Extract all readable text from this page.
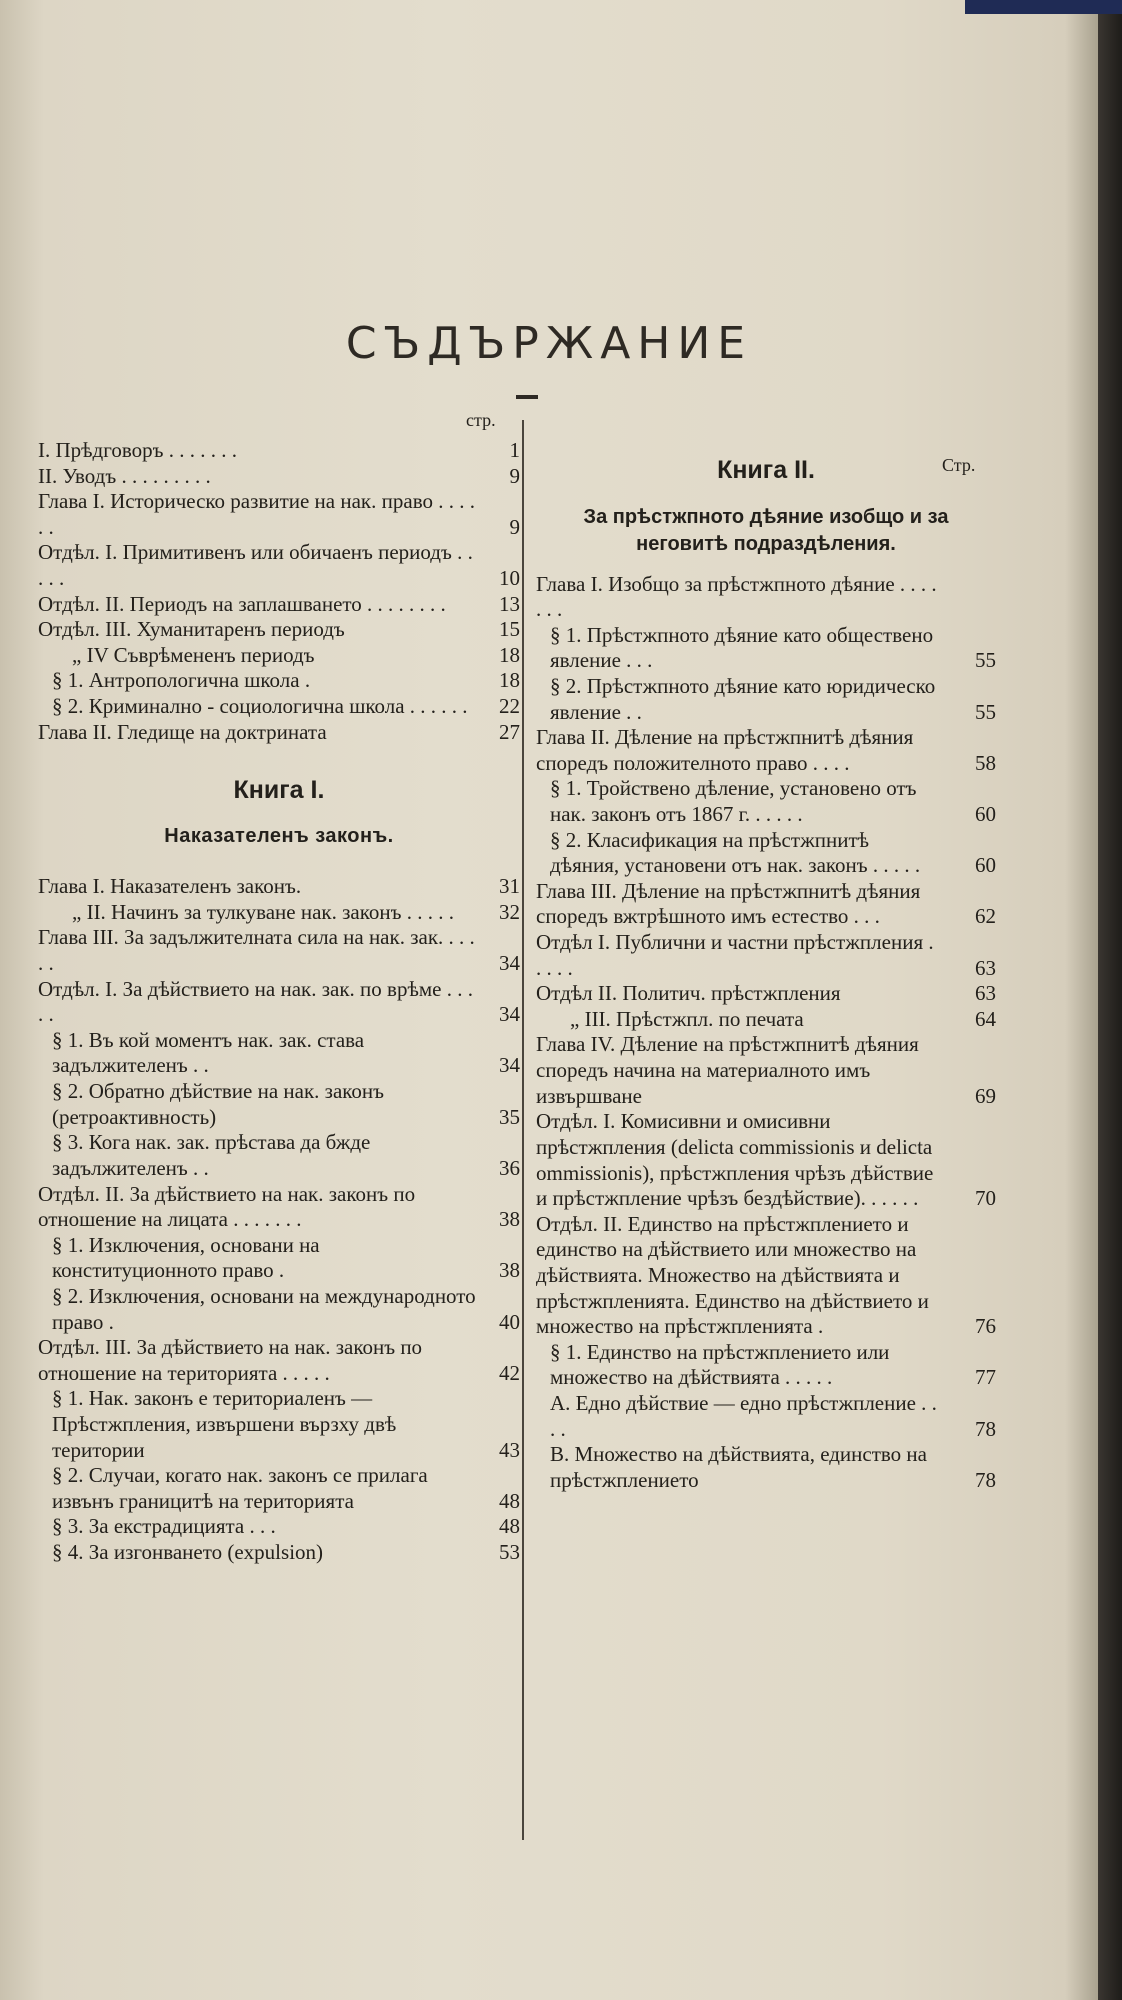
СЪДЪРЖАНИЕ
стр.
Стр.
I. Прѣдговоръ . . . . . . .	1
II. Уводъ . . . . . . . . .	9
Глава I. Историческо развитие на нак. право . . . . . .	9
Отдѣл. I. Примитивенъ или обичаенъ периодъ . . . . .	10
Отдѣл. II. Периодъ на заплашването . . . . . . . .	13
Отдѣл. III. Хуманитаренъ периодъ	15
„ IV Съврѣмененъ периодъ	18
§ 1. Антропологична школа .	18
§ 2. Криминално - социологична школа . . . . . .	22
Глава II. Гледище на доктрината	27
Книга I.
Наказателенъ законъ.
Глава I. Наказателенъ законъ.	31
„ II. Начинъ за тулкуване нак. законъ . . . . .	32
Глава III. За задължителната сила на нак. зак. . . . . .	34
Отдѣл. I. За дѣйствието на нак. зак. по врѣме . . . . .	34
§ 1. Въ кой моментъ нак. зак. става задължителенъ . .	34
§ 2. Обратно дѣйствие на нак. законъ (ретроактивность)	35
§ 3. Кога нак. зак. прѣстава да бжде задължителенъ . .	36
Отдѣл. II. За дѣйствието на нак. законъ по отношение на лицата . . . . . . .	38
§ 1. Изключения, основани на конституционното право .	38
§ 2. Изключения, основани на международното право .	40
Отдѣл. III. За дѣйствието на нак. законъ по отношение на територията . . . . .	42
§ 1. Нак. законъ е териториаленъ — Прѣстжпления, извършени вързху двѣ територии	43
§ 2. Случаи, когато нак. законъ се прилага извънъ границитѣ на територията	48
§ 3. За екстрадицията . . .	48
§ 4. За изгонването (expulsion)	53
Книга II.
За прѣстжпното дѣяние изобщо и за неговитѣ подраздѣления.
Глава I. Изобщо за прѣстжпното дѣяние . . . . . . .
§ 1. Прѣстжпното дѣяние като обществено явление . . .	55
§ 2. Прѣстжпното дѣяние като юридическо явление . .	55
Глава II. Дѣление на прѣстжпнитѣ дѣяния споредъ положителното право . . . .	58
§ 1. Тройствено дѣление, установено отъ нак. законъ отъ 1867 г. . . . . .	60
§ 2. Класификация на прѣстжпнитѣ дѣяния, установени отъ нак. законъ . . . . .	60
Глава III. Дѣление на прѣстжпнитѣ дѣяния споредъ вжтрѣшното имъ естество . . .	62
Отдѣл I. Публични и частни прѣстжпления . . . . .	63
Отдѣл II. Политич. прѣстжпления	63
„ III. Прѣстжпл. по печата	64
Глава IV. Дѣление на прѣстжпнитѣ дѣяния споредъ начина на материалното имъ извършване	69
Отдѣл. I. Комисивни и омисивни прѣстжпления (delicta commissionis и delicta ommissionis), прѣстжпления чрѣзъ дѣйствие и прѣстжпление чрѣзъ бездѣйствие). . . . . .	70
Отдѣл. II. Единство на прѣстжплението и единство на дѣйствието или множество на дѣйствията. Множество на дѣйствията и прѣстжпленията. Единство на дѣйствието и множество на прѣстжпленията .	76
§ 1. Единство на прѣстжплението или множество на дѣйствията . . . . .	77
А. Едно дѣйствие — едно прѣстжпление . . . .	78
В. Множество на дѣйствията, единство на прѣстжплението	78
